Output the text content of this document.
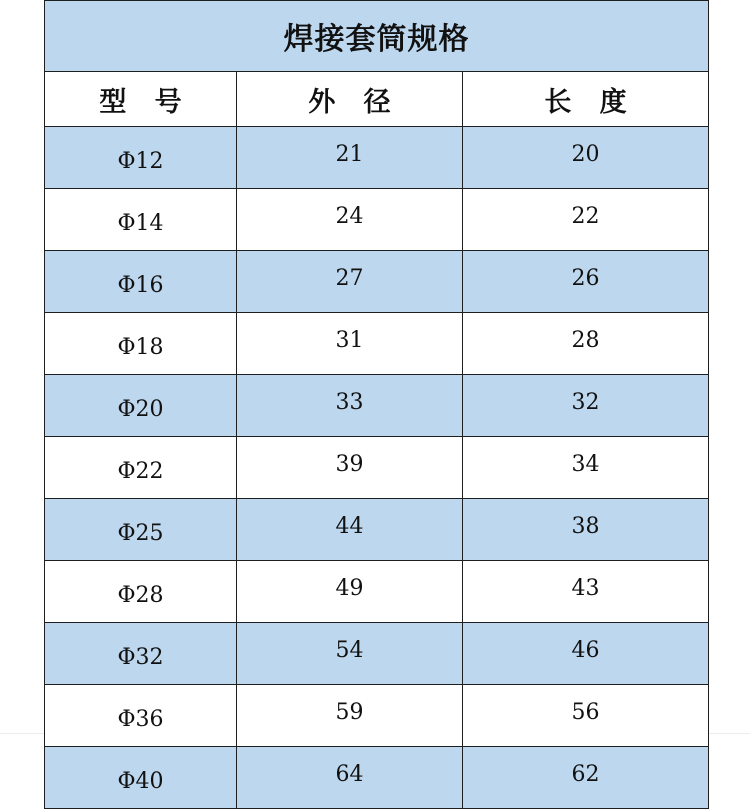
焊接套筒规格		
型   号	外   径	长   度
Φ12	21	20
Φ14	24	22
Φ16	27	26
Φ18	31	28
Φ20	33	32
Φ22	39	34
Φ25	44	38
Φ28	49	43
Φ32	54	46
Φ36	59	56
Φ40	64	62
